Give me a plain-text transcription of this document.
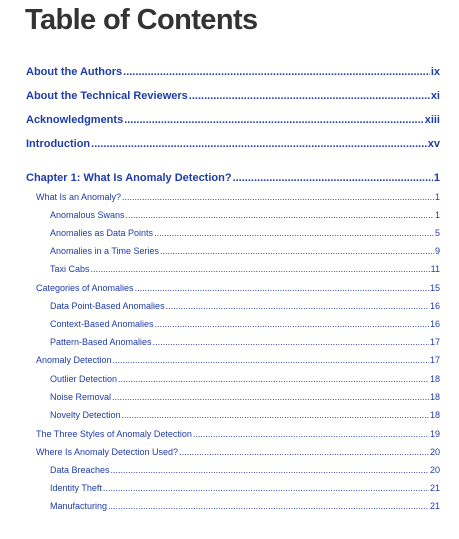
Table of Contents
About the Authors .....	ix
About the Technical Reviewers .....	xi
Acknowledgments .....	xiii
Introduction .....	xv
Chapter 1: What Is Anomaly Detection? .....	1
What Is an Anomaly? .....	1
Anomalous Swans .....	1
Anomalies as Data Points .....	5
Anomalies in a Time Series .....	9
Taxi Cabs .....	11
Categories of Anomalies .....	15
Data Point-Based Anomalies .....	16
Context-Based Anomalies .....	16
Pattern-Based Anomalies .....	17
Anomaly Detection .....	17
Outlier Detection .....	18
Noise Removal .....	18
Novelty Detection .....	18
The Three Styles of Anomaly Detection .....	19
Where Is Anomaly Detection Used? .....	20
Data Breaches .....	20
Identity Theft .....	21
Manufacturing .....	21
